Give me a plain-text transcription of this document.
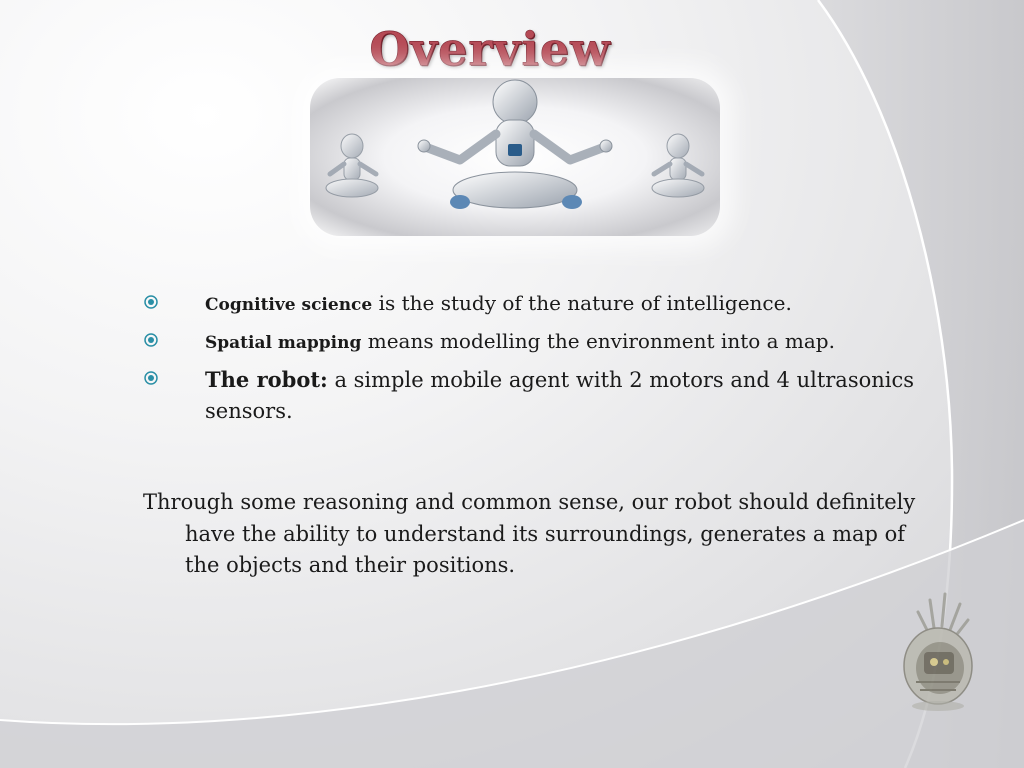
Overview
Cognitive science is the study of the nature of intelligence.
Spatial mapping means modelling the environment into a map.
The robot: a simple mobile agent with 2 motors and 4 ultrasonics sensors.

Through some reasoning and common sense, our robot should definitely have the ability to understand its surroundings, generates a map of the objects and their positions.
